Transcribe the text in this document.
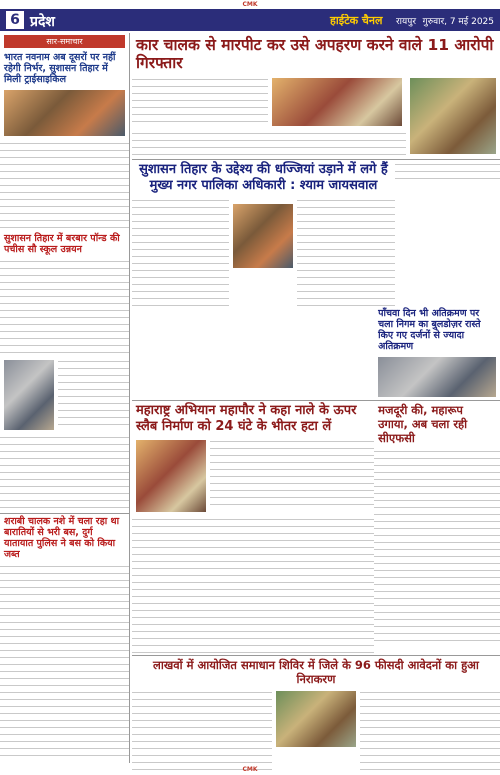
CMK
6 प्रदेश	हाईटेक चैनल रायपुर गुरुवार, 7 मई 2025
सार-समाचार
भारत नवनाम अब दूसरों पर नहीं रहेगी निर्भर, सुशासन तिहार में मिली ट्राईसाइकिल
सुशासन तिहार में बरबार पॉन्ड की पचीस सौ स्कूल उन्नयन
शराबी चालक नशे में चला रहा था बारातियों से भरी बस, दुर्ग यातायात पुलिस ने बस को किया जब्त
कार चालक से मारपीट कर उसे अपहरण करने वाले 11 आरोपी गिरफ्तार
सुशासन तिहार के उद्देश्य की धज्जियां उड़ाने में लगे हैं मुख्य नगर पालिका अधिकारी : श्याम जायसवाल
पाँचवा दिन भी अतिक्रमण पर चला निगम का बुलडोज़र रास्ते किए गए दर्जनों से ज्यादा अतिक्रमण
महाराष्ट्र अभियान महापौर ने कहा नाले के ऊपर स्लैब निर्माण को 24 घंटे के भीतर हटा लें
मजदूरी की, महारूप उगाया, अब चला रही सीएफसी
लाखवों में आयोजित समाधान शिविर में जिले के 96 फीसदी आवेदनों का हुआ निराकरण
CMK
